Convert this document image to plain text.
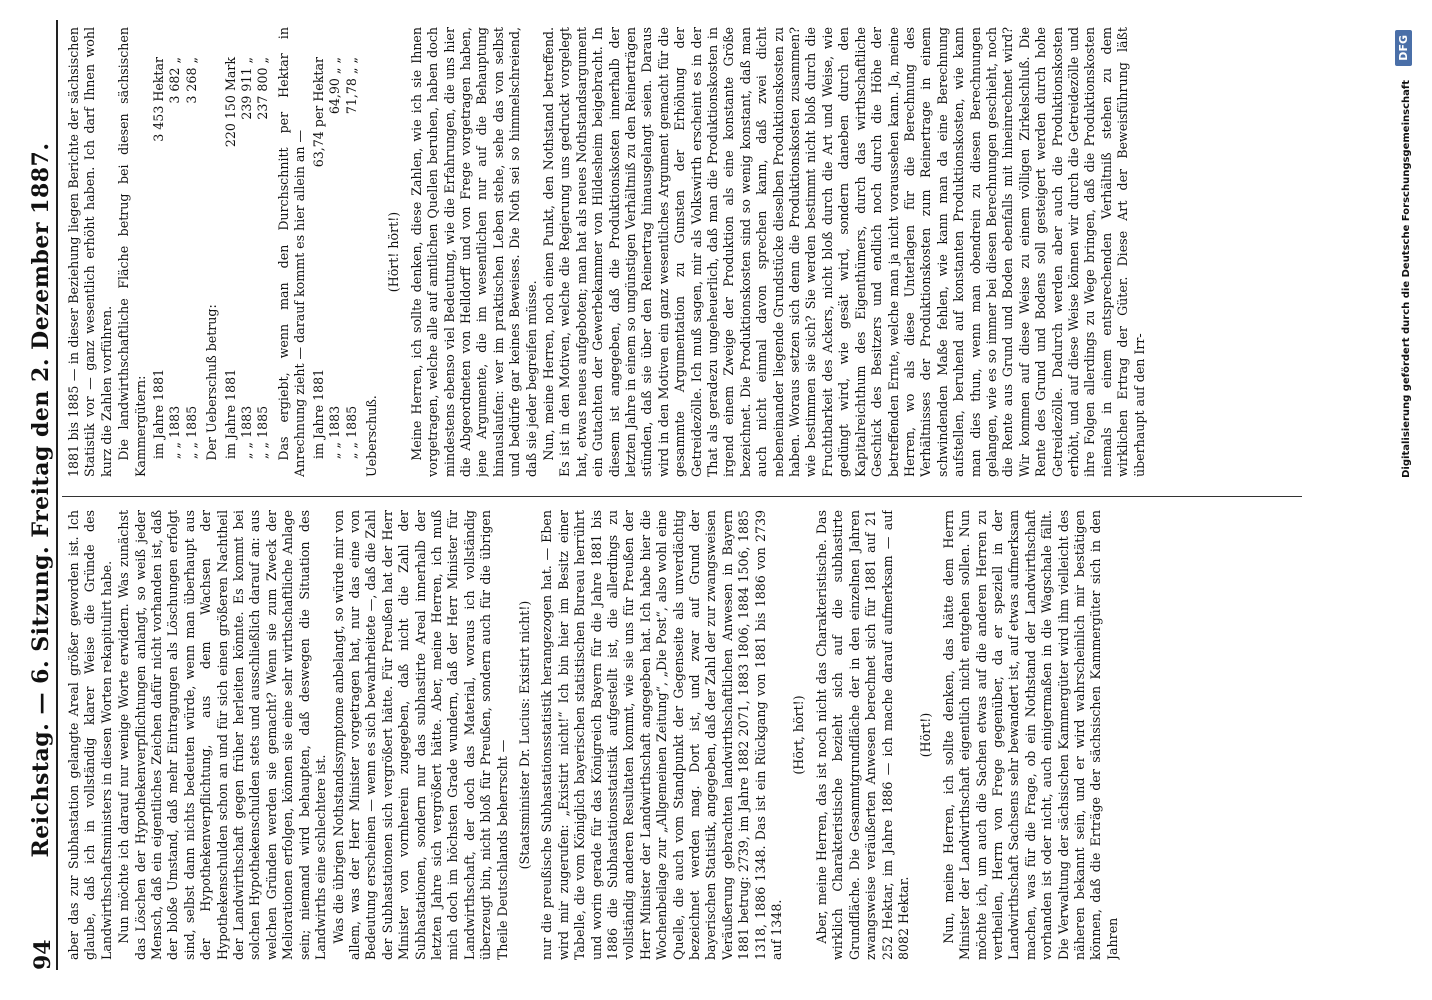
94
Reichstag. — 6. Sitzung. Freitag den 2. Dezember 1887. aber das zur Subhastation gelangte Areal größer geworden ist. Ich glaube, daß ich in vollständig klarer Weise die Gründe des Landwirthschaftsministers in diesen Worten rekapitulirt habe. Nun möchte ich darauf nur wenige Worte erwidern. Was zunächst das Löschen der Hypothekenverpflichtungen anlangt, so weiß jeder Mensch, daß ein eigentliches Zeichen dafür nicht vorhanden ist, daß der bloße Umstand, daß mehr Eintragungen als Löschungen erfolgt sind, selbst dann nichts bedeuten würde, wenn man überhaupt aus der Hypothekenverpflichtung, aus dem Wachsen der Hypothekenschulden schon an und für sich einen größeren Nachtheil der Landwirthschaft gegen früher herleiten könnte. Es kommt bei solchen Hypothekenschulden stets und ausschließlich darauf an: aus welchen Gründen werden sie gemacht? Wenn sie zum Zweck der Meliorationen erfolgen, können sie eine sehr wirthschaftliche Anlage sein; niemand wird behaupten, daß deswegen die Situation des Landwirths eine schlechtere ist. Was die übrigen Nothstandssymptome anbelangt, so würde mir von allem, was der Herr Minister vorgetragen hat, nur das eine von Bedeutung erscheinen — wenn es sich bewahrheitete —, daß die Zahl der Subhastationen sich vergrößert hätte. Für Preußen hat der Herr Minister von vornherein zugegeben, daß nicht die Zahl der Subhastationen, sondern nur das subhastirte Areal innerhalb der letzten Jahre sich vergrößert hätte. Aber, meine Herren, ich muß mich doch im höchsten Grade wundern, daß der Herr Minister für Landwirthschaft, der doch das Material, woraus ich vollständig überzeugt bin, nicht bloß für Preußen, sondern auch für die übrigen Theile Deutschlands beherrscht — (Staatsminister Dr. Lucius: Existirt nicht!) nur die preußische Subhastationsstatistik herangezogen hat. — Eben wird mir zugerufen: „Existirt nicht!“ Ich bin hier im Besitz einer Tabelle, die vom Königlich bayerischen statistischen Bureau herrührt und worin gerade für das Königreich Bayern für die Jahre 1881 bis 1886 die Subhastationsstatistik aufgestellt ist, die allerdings zu vollständig anderen Resultaten kommt, wie sie uns für Preußen der Herr Minister der Landwirthschaft angegeben hat. Ich habe hier die Wochenbeilage zur „Allgemeinen Zeitung“, „Die Post“, also wohl eine Quelle, die auch vom Standpunkt der Gegenseite als unverdächtig bezeichnet werden mag. Dort ist, und zwar auf Grund der bayerischen Statistik, angegeben, daß der Zahl der zur zwangsweisen Veräußerung gebrachten landwirthschaftlichen Anwesen in Bayern 1881 betrug: 2739, im Jahre 1882 2071, 1883 1806, 1884 1506, 1885 1318, 1886 1348. Das ist ein Rückgang von 1881 bis 1886 von 2739 auf 1348.

(Hört, hört!) Aber, meine Herren, das ist noch nicht das Charakteristische. Das wirklich Charakteristische bezieht sich auf die subhastirte Grundfläche. Die Gesammtgrundfläche der in den einzelnen Jahren zwangsweise veräußerten Anwesen berechnet sich für 1881 auf 21 252 Hektar, im Jahre 1886 — ich mache darauf aufmerksam — auf 8082 Hektar.

(Hört!) Nun, meine Herren, ich sollte denken, das hätte dem Herrn Minister der Landwirthschaft eigentlich nicht entgehen sollen. Nun möchte ich, um auch die Sachen etwas auf die anderen Herren zu vertheilen, Herrn von Frege gegenüber, da er speziell in der Landwirthschaft Sachsens sehr bewandert ist, auf etwas aufmerksam machen, was für die Frage, ob ein Nothstand der Landwirthschaft vorhanden ist oder nicht, auch einigermaßen in die Wagschale fällt. Die Verwaltung der sächsischen Kammergüter wird ihm vielleicht des näheren bekannt sein, und er wird wahrscheinlich mir bestätigen können, daß die Erträge der sächsischen Kammergüter sich in den Jahren

1881 bis 1885 — in dieser Beziehung liegen Berichte der sächsischen Statistik vor — ganz wesentlich erhöht haben. Ich darf Ihnen wohl kurz die Zahlen vorführen. Die landwirthschaftliche Fläche betrug bei diesen sächsischen Kammergütern: im Jahre 1881
3 453 Hektar
„ „ 1883
3 682 „
„ „ 1885
3 268 „

Der Ueberschuß betrug: im Jahre 1881
220 150 Mark
„ „ 1883
239 911 „
„ „ 1885
237 800 „ Das ergiebt, wenn man den Durchschnitt per Hektar in Anrechnung zieht — darauf kommt es hier allein an — im Jahre 1881
63,74 per Hektar
„ „ 1883
64,90 „ „
„ „ 1885
71,78 „ „

Ueberschuß.

(Hört! hört!) Meine Herren, ich sollte denken, diese Zahlen, wie ich sie Ihnen vorgetragen, welche alle auf amtlichen Quellen beruhen, haben doch mindestens ebenso viel Bedeutung, wie die Erfahrungen, die uns hier die Abgeordneten von Helldorff und von Frege vorgetragen haben, jene Argumente, die im wesentlichen nur auf die Behauptung hinauslaufen: wer im praktischen Leben stehe, sehe das von selbst und bedürfe gar keines Beweises. Die Noth sei so himmelschreiend, daß sie jeder begreifen müsse. Nun, meine Herren, noch einen Punkt, den Nothstand betreffend. Es ist in den Motiven, welche die Regierung uns gedruckt vorgelegt hat, etwas neues aufgeboten; man hat als neues Nothstandsargument ein Gutachten der Gewerbekammer von Hildesheim beigebracht. In diesem ist angegeben, daß die Produktionskosten innerhalb der letzten Jahre in einem so ungünstigen Verhältniß zu den Reinerträgen stünden, daß sie über den Reinertrag hinausgelangt seien. Daraus wird in den Motiven ein ganz wesentliches Argument gemacht für die gesammte Argumentation zu Gunsten der Erhöhung der Getreidezölle. Ich muß sagen, mir als Volkswirth erscheint es in der That als geradezu ungeheuerlich, daß man die Produktionskosten in irgend einem Zweige der Produktion als eine konstante Größe bezeichnet. Die Produktionskosten sind so wenig konstant, daß man auch nicht einmal davon sprechen kann, daß zwei dicht nebeneinander liegende Grundstücke dieselben Produktionskosten zu haben. Woraus setzen sich denn die Produktionskosten zusammen? wie bestimmen sie sich? Sie werden bestimmt nicht bloß durch die Fruchtbarkeit des Ackers, nicht bloß durch die Art und Weise, wie gedüngt wird, wie gesät wird, sondern daneben durch den Kapitalreichthum des Eigenthümers, durch das wirthschaftliche Geschick des Besitzers und endlich noch durch die Höhe der betreffenden Ernte, welche man ja nicht voraussehen kann. Ja, meine Herren, wo als diese Unterlagen für die Berechnung des Verhältnisses der Produktionskosten zum Reinertrage in einem schwindenden Maße fehlen, wie kann man da eine Berechnung aufstellen, beruhend auf konstanten Produktionskosten, wie kann man dies thun, wenn man obendrein zu diesen Berechnungen gelangen, wie es so immer bei diesen Berechnungen geschieht, noch die Rente aus Grund und Boden ebenfalls mit hineinrechnet wird? Wir kommen auf diese Weise zu einem völligen Zirkelschluß. Die Rente des Grund und Bodens soll gesteigert werden durch hohe Getreidezölle. Dadurch werden aber auch die Produktionskosten erhöht, und auf diese Weise können wir durch die Getreidezölle und ihre Folgen allerdings zu Wege bringen, daß die Produktionskosten niemals in einem entsprechenden Verhältniß stehen zu dem wirklichen Ertrag der Güter. Diese Art der Beweisführung läßt überhaupt auf den Irr-	Digitalisierung gefördert durch die Deutsche Forschungsgemeinschaft
DFG
